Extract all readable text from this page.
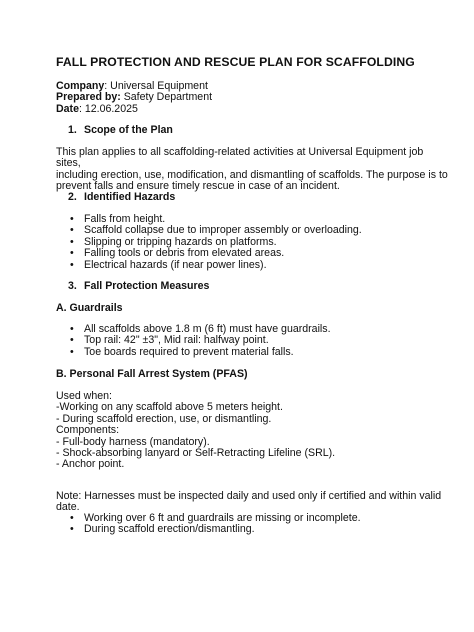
FALL PROTECTION AND RESCUE PLAN FOR SCAFFOLDING
Company: Universal Equipment
Prepared by: Safety Department
Date: 12.06.2025
1. Scope of the Plan
This plan applies to all scaffolding-related activities at Universal Equipment job sites,
including erection, use, modification, and dismantling of scaffolds. The purpose is to
prevent falls and ensure timely rescue in case of an incident.
2. Identified Hazards
• Falls from height.
• Scaffold collapse due to improper assembly or overloading.
• Slipping or tripping hazards on platforms.
• Falling tools or debris from elevated areas.
• Electrical hazards (if near power lines).
3. Fall Protection Measures
A. Guardrails
• All scaffolds above 1.8 m (6 ft) must have guardrails.
• Top rail: 42" ±3", Mid rail: halfway point.
• Toe boards required to prevent material falls.
B. Personal Fall Arrest System (PFAS)
Used when:
-Working on any scaffold above 5 meters height.
- During scaffold erection, use, or dismantling.
Components:
- Full-body harness (mandatory).
- Shock-absorbing lanyard or Self-Retracting Lifeline (SRL).
- Anchor point.
Note: Harnesses must be inspected daily and used only if certified and within valid date.
• Working over 6 ft and guardrails are missing or incomplete.
• During scaffold erection/dismantling.
